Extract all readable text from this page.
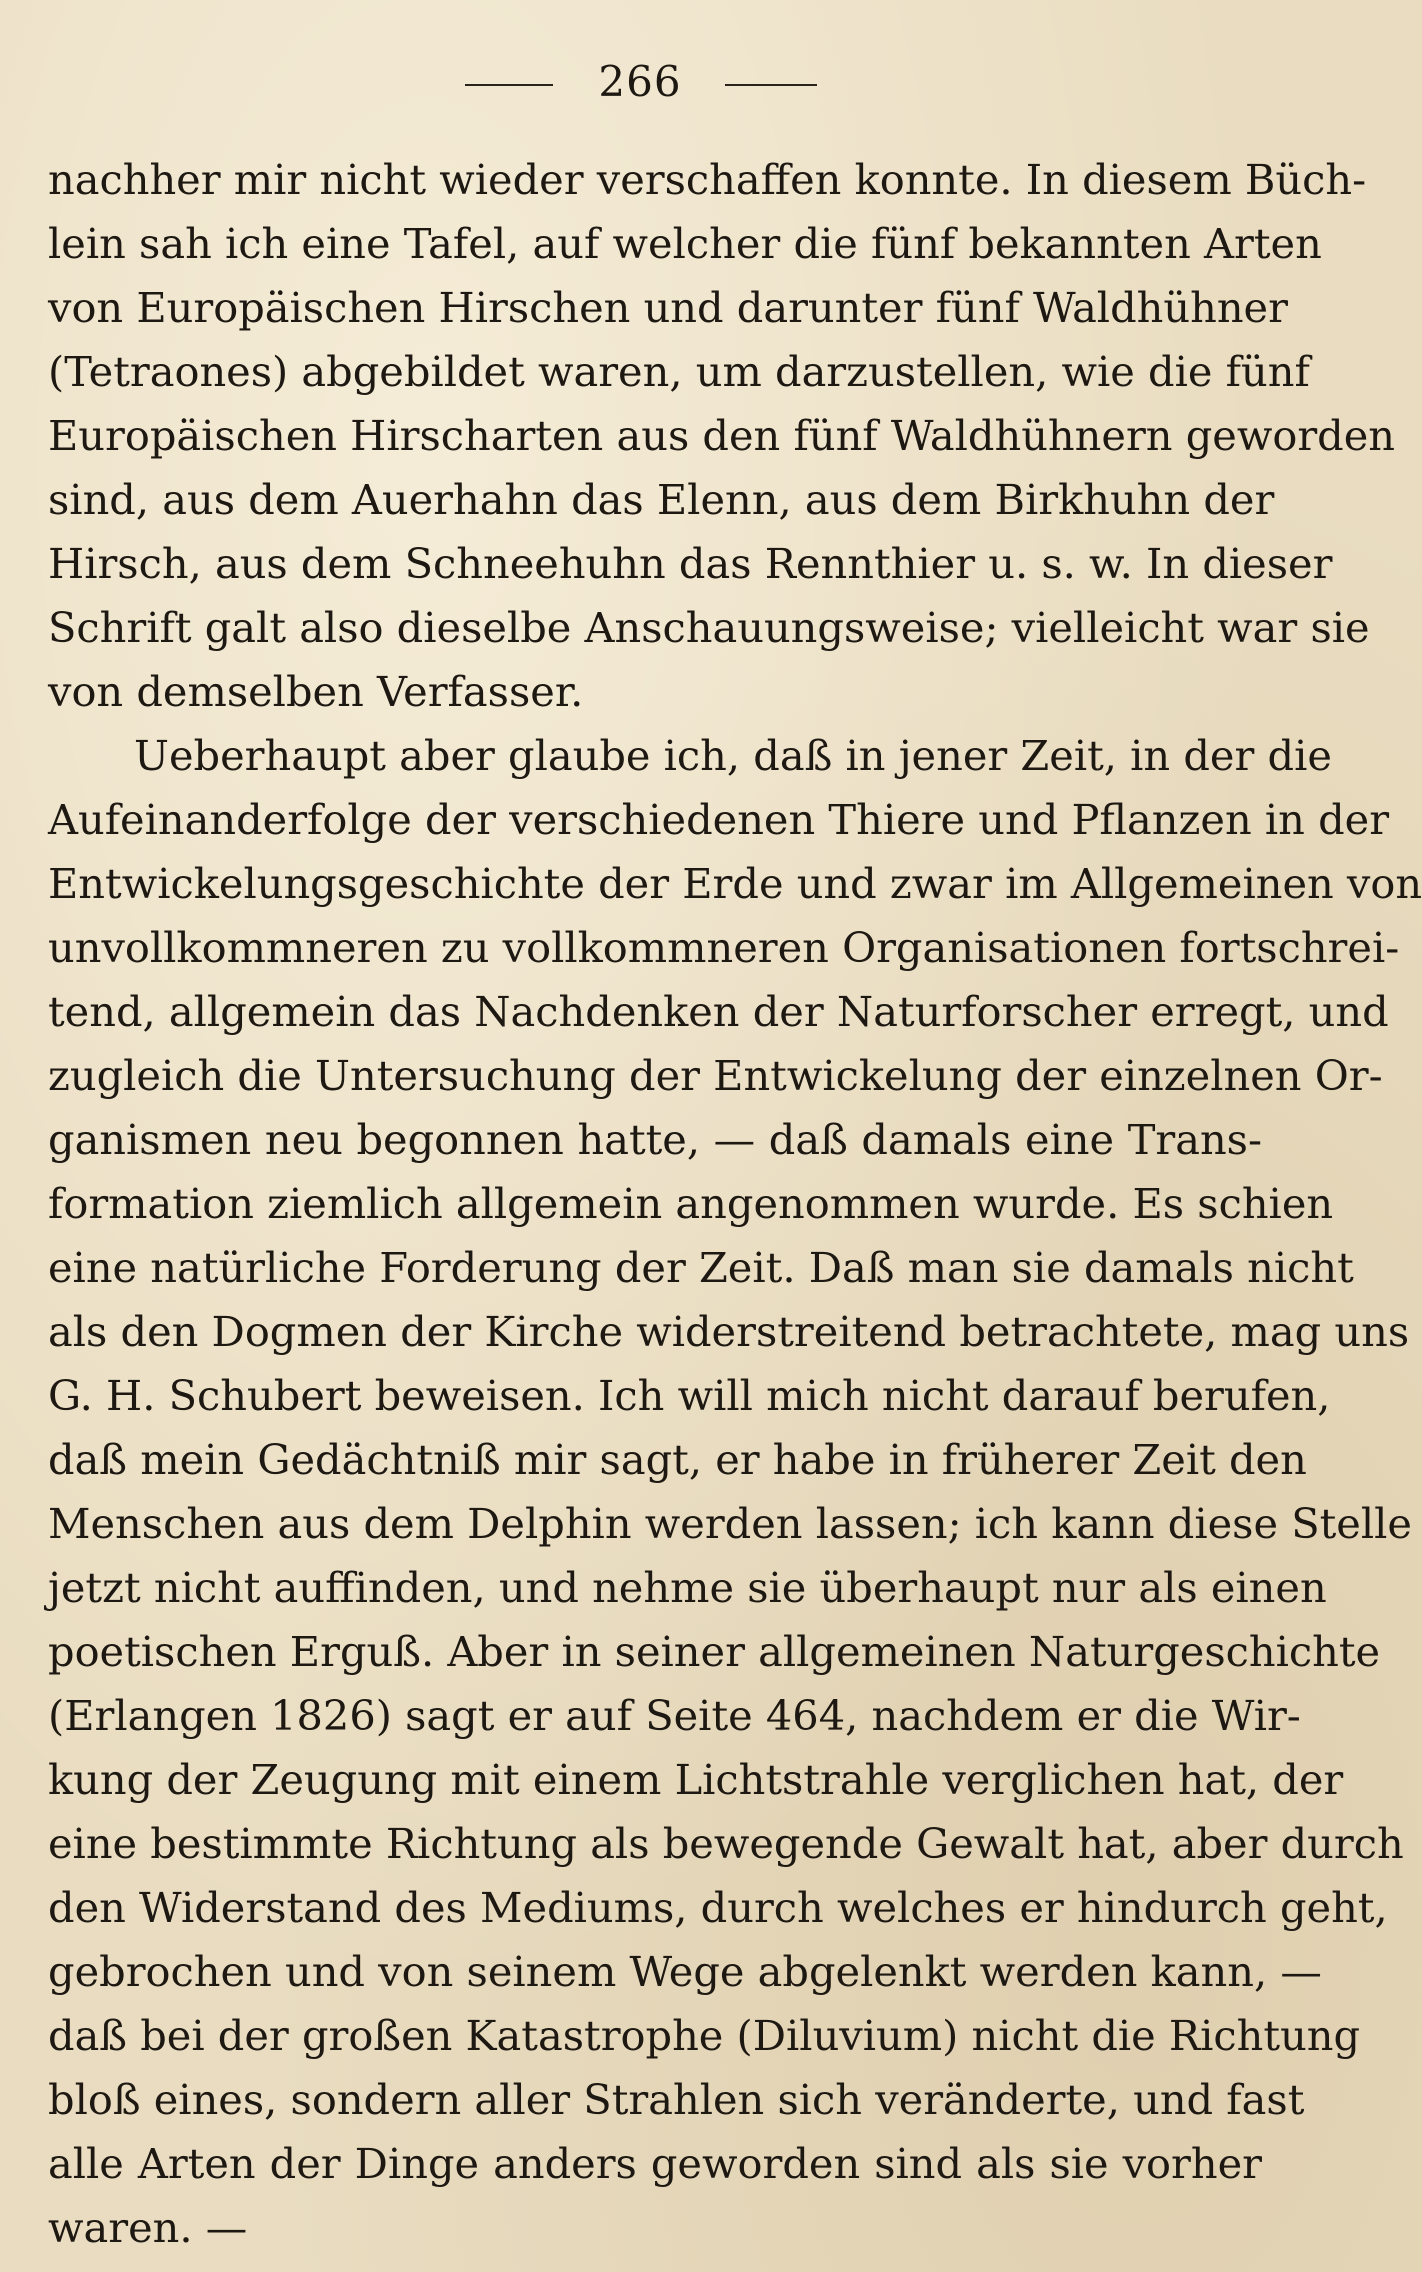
266
nachher mir nicht wieder verschaffen konnte. In diesem Büch-
lein sah ich eine Tafel, auf welcher die fünf bekannten Arten
von Europäischen Hirschen und darunter fünf Waldhühner
(Tetraones) abgebildet waren, um darzustellen, wie die fünf
Europäischen Hirscharten aus den fünf Waldhühnern geworden
sind, aus dem Auerhahn das Elenn, aus dem Birkhuhn der
Hirsch, aus dem Schneehuhn das Rennthier u. s. w. In dieser
Schrift galt also dieselbe Anschauungsweise; vielleicht war sie
von demselben Verfasser.
Ueberhaupt aber glaube ich, daß in jener Zeit, in der die
Aufeinanderfolge der verschiedenen Thiere und Pflanzen in der
Entwickelungsgeschichte der Erde und zwar im Allgemeinen von
unvollkommneren zu vollkommneren Organisationen fortschrei-
tend, allgemein das Nachdenken der Naturforscher erregt, und
zugleich die Untersuchung der Entwickelung der einzelnen Or-
ganismen neu begonnen hatte, — daß damals eine Trans-
formation ziemlich allgemein angenommen wurde. Es schien
eine natürliche Forderung der Zeit. Daß man sie damals nicht
als den Dogmen der Kirche widerstreitend betrachtete, mag uns
G. H. Schubert beweisen. Ich will mich nicht darauf berufen,
daß mein Gedächtniß mir sagt, er habe in früherer Zeit den
Menschen aus dem Delphin werden lassen; ich kann diese Stelle
jetzt nicht auffinden, und nehme sie überhaupt nur als einen
poetischen Erguß. Aber in seiner allgemeinen Naturgeschichte
(Erlangen 1826) sagt er auf Seite 464, nachdem er die Wir-
kung der Zeugung mit einem Lichtstrahle verglichen hat, der
eine bestimmte Richtung als bewegende Gewalt hat, aber durch
den Widerstand des Mediums, durch welches er hindurch geht,
gebrochen und von seinem Wege abgelenkt werden kann, —
daß bei der großen Katastrophe (Diluvium) nicht die Richtung
bloß eines, sondern aller Strahlen sich veränderte, und fast
alle Arten der Dinge anders geworden sind als sie vorher
waren. —
